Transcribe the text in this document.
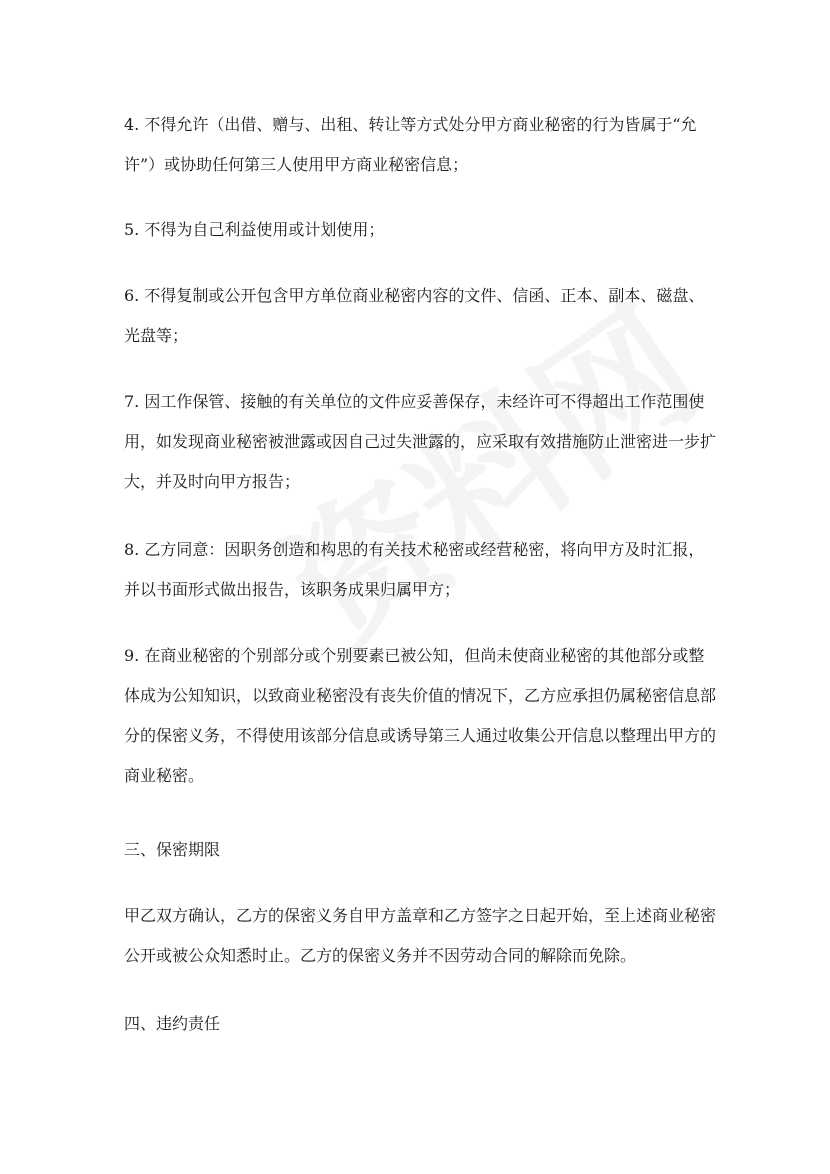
4. 不得允许（出借、赠与、出租、转让等方式处分甲方商业秘密的行为皆属于“允许”）或协助任何第三人使用甲方商业秘密信息；
5. 不得为自己利益使用或计划使用；
6. 不得复制或公开包含甲方单位商业秘密内容的文件、信函、正本、副本、磁盘、光盘等；
7. 因工作保管、接触的有关单位的文件应妥善保存，未经许可不得超出工作范围使用，如发现商业秘密被泄露或因自己过失泄露的，应采取有效措施防止泄密进一步扩大，并及时向甲方报告；
8. 乙方同意：因职务创造和构思的有关技术秘密或经营秘密，将向甲方及时汇报，并以书面形式做出报告，该职务成果归属甲方；
9. 在商业秘密的个别部分或个别要素已被公知，但尚未使商业秘密的其他部分或整体成为公知知识，以致商业秘密没有丧失价值的情况下，乙方应承担仍属秘密信息部分的保密义务，不得使用该部分信息或诱导第三人通过收集公开信息以整理出甲方的商业秘密。
三、保密期限
甲乙双方确认，乙方的保密义务自甲方盖章和乙方签字之日起开始，至上述商业秘密公开或被公众知悉时止。乙方的保密义务并不因劳动合同的解除而免除。
四、违约责任
